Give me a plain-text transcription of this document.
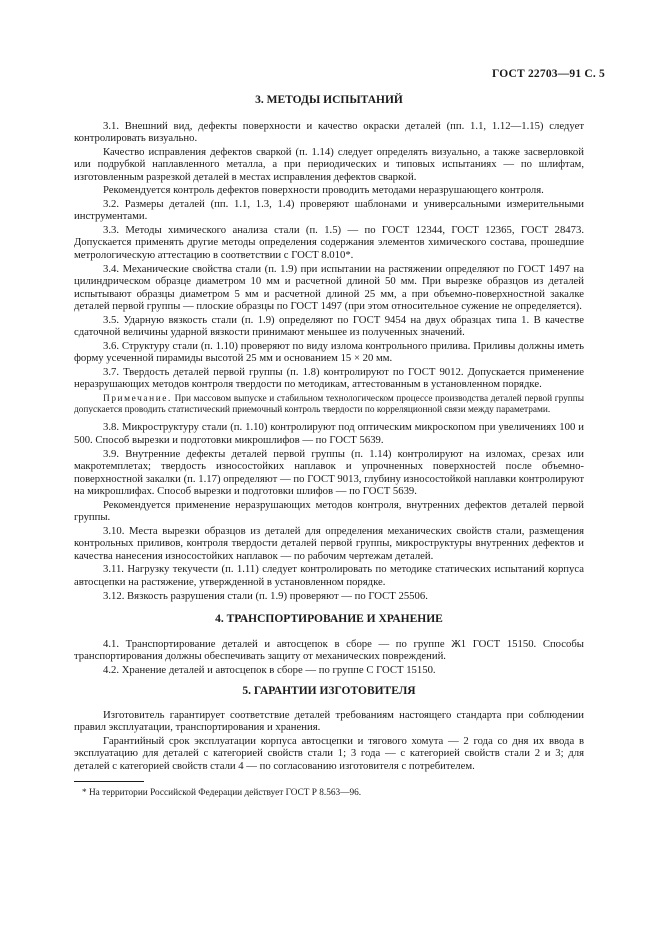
ГОСТ 22703—91 С. 5

3. МЕТОДЫ ИСПЫТАНИЙ

3.1. Внешний вид, дефекты поверхности и качество окраски деталей (пп. 1.1, 1.12—1.15) следует контролировать визуально.

Качество исправления дефектов сваркой (п. 1.14) следует определять визуально, а также засверловкой или подрубкой наплавленного металла, а при периодических и типовых испытаниях — по шлифтам, изготовленным разрезкой деталей в местах исправления дефектов сваркой.

Рекомендуется контроль дефектов поверхности проводить методами неразрушающего контроля.

3.2. Размеры деталей (пп. 1.1, 1.3, 1.4) проверяют шаблонами и универсальными измерительными инструментами.

3.3. Методы химического анализа стали (п. 1.5) — по ГОСТ 12344, ГОСТ 12365, ГОСТ 28473. Допускается применять другие методы определения содержания элементов химического состава, прошедшие метрологическую аттестацию в соответствии с ГОСТ 8.010*.

3.4. Механические свойства стали (п. 1.9) при испытании на растяжении определяют по ГОСТ 1497 на цилиндрическом образце диаметром 10 мм и расчетной длиной 50 мм. При вырезке образцов из деталей испытывают образцы диаметром 5 мм и расчетной длиной 25 мм, а при объемно-поверхностной закалке деталей первой группы — плоские образцы по ГОСТ 1497 (при этом относительное сужение не определяется).

3.5. Ударную вязкость стали (п. 1.9) определяют по ГОСТ 9454 на двух образцах типа 1. В качестве сдаточной величины ударной вязкости принимают меньшее из полученных значений.

3.6. Структуру стали (п. 1.10) проверяют по виду излома контрольного прилива. Приливы должны иметь форму усеченной пирамиды высотой 25 мм и основанием 15 × 20 мм.

3.7. Твердость деталей первой группы (п. 1.8) контролируют по ГОСТ 9012. Допускается применение неразрушающих методов контроля твердости по методикам, аттестованным в установленном порядке.

Примечание. При массовом выпуске и стабильном технологическом процессе производства деталей первой группы допускается проводить статистический приемочный контроль твердости по корреляционной связи между параметрами.

3.8. Микроструктуру стали (п. 1.10) контролируют под оптическим микроскопом при увеличениях 100 и 500. Способ вырезки и подготовки микрошлифов — по ГОСТ 5639.

3.9. Внутренние дефекты деталей первой группы (п. 1.14) контролируют на изломах, срезах или макротемплетах; твердость износостойких наплавок и упрочненных поверхностей после объемно-поверхностной закалки (п. 1.17) определяют — по ГОСТ 9013, глубину износостойкой наплавки контролируют на микрошлифах. Способ вырезки и подготовки шлифов — по ГОСТ 5639.

Рекомендуется применение неразрушающих методов контроля, внутренних дефектов деталей первой группы.

3.10. Места вырезки образцов из деталей для определения механических свойств стали, размещения контрольных приливов, контроля твердости деталей первой группы, микроструктуры внутренних дефектов и качества нанесения износостойких наплавок — по рабочим чертежам деталей.

3.11. Нагрузку текучести (п. 1.11) следует контролировать по методике статических испытаний корпуса автосцепки на растяжение, утвержденной в установленном порядке.

3.12. Вязкость разрушения стали (п. 1.9) проверяют — по ГОСТ 25506.

4. ТРАНСПОРТИРОВАНИЕ И ХРАНЕНИЕ

4.1. Транспортирование деталей и автосцепок в сборе — по группе Ж1 ГОСТ 15150. Способы транспортирования должны обеспечивать защиту от механических повреждений.

4.2. Хранение деталей и автосцепок в сборе — по группе С ГОСТ 15150.

5. ГАРАНТИИ ИЗГОТОВИТЕЛЯ

Изготовитель гарантирует соответствие деталей требованиям настоящего стандарта при соблюдении правил эксплуатации, транспортирования и хранения.

Гарантийный срок эксплуатации корпуса автосцепки и тягового хомута — 2 года со дня их ввода в эксплуатацию для деталей с категорией свойств стали 1; 3 года — с категорией свойств стали 2 и 3; для деталей с категорией свойств стали 4 — по согласованию изготовителя с потребителем.

* На территории Российской Федерации действует ГОСТ Р 8.563—96.
